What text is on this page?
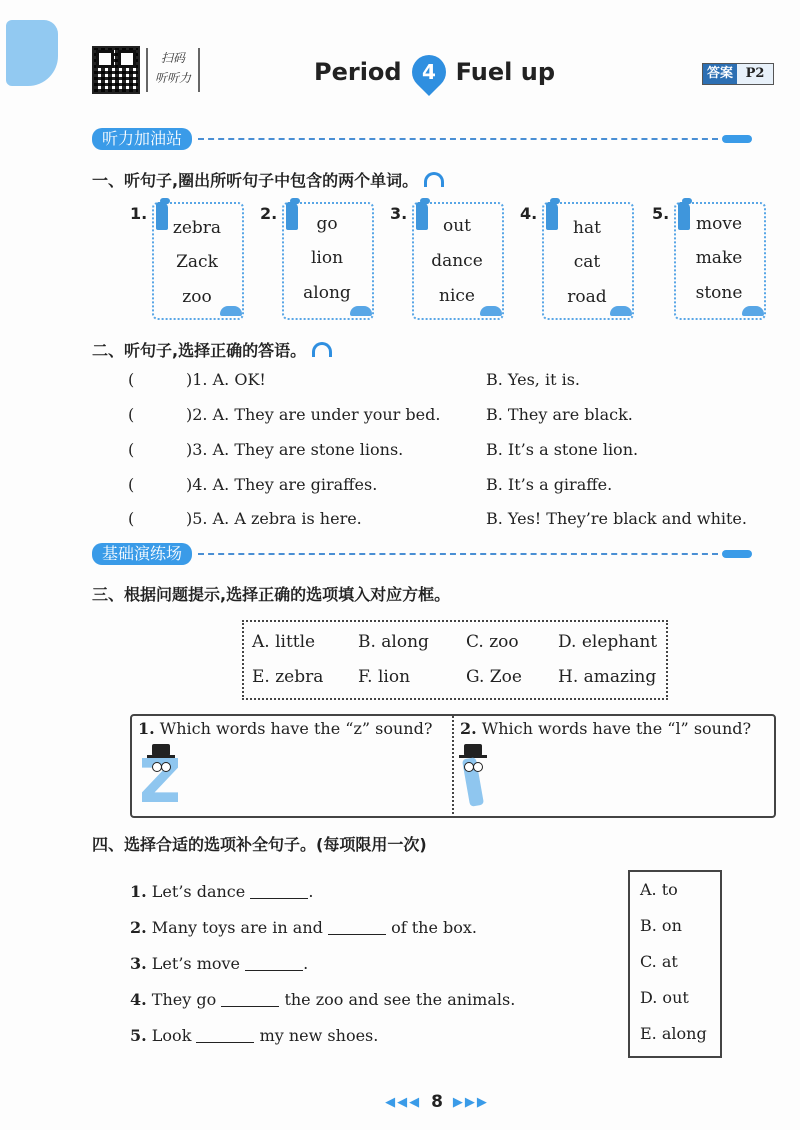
扫码
听听力	Period 4 Fuel up	答案 P2
听力加油站
一、听句子,圈出所听句子中包含的两个单词。
1.
zebra
Zack
zoo
2.
go
lion
along
3.
out
dance
nice
4.
hat
cat
road
5.
move
make
stone
二、听句子,选择正确的答语。
(	)1. A. OK!	B. Yes, it is.
(	)2. A. They are under your bed.	B. They are black.
(	)3. A. They are stone lions.	B. It’s a stone lion.
(	)4. A. They are giraffes.	B. It’s a giraffe.
(	)5. A. A zebra is here.	B. Yes! They’re black and white.
基础演练场
三、根据问题提示,选择正确的选项填入对应方框。
A. little	B. along C. zoo D. elephant
E. zebra F. lion	G. Zoe H. amazing
1. Which words have the “z” sound? 2. Which words have the “l” sound?
四、选择合适的选项补全句子。(每项限用一次)
1. Let’s dance	.
2. Many toys are in and	of the box.
3. Let’s move	.
4. They go	the zoo and see the animals.
5. Look	my new shoes.
A. to
B. on
C. at
D. out
E. along
◀◀◀ 8 ▶▶▶
